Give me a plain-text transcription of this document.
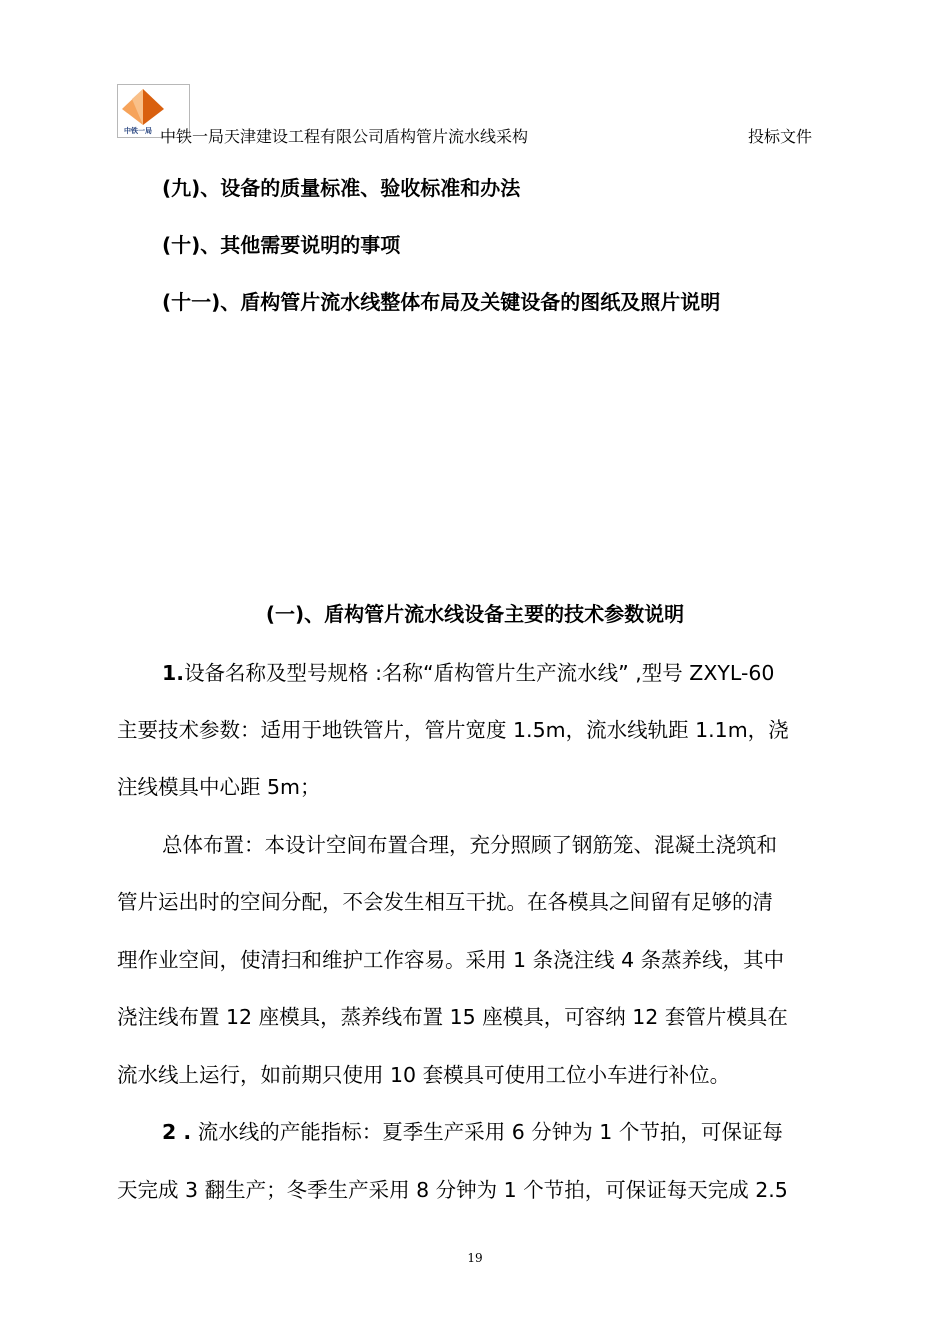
中铁一局 中铁一局天津建设工程有限公司盾构管片流水线采构	投标文件
(九)、设备的质量标准、验收标准和办法
(十)、其他需要说明的事项
(十一)、盾构管片流水线整体布局及关键设备的图纸及照片说明
(一)、盾构管片流水线设备主要的技术参数说明
1.设备名称及型号规格 :名称“盾构管片生产流水线” ,型号 ZXYL-60
主要技术参数：适用于地铁管片，管片宽度 1.5m，流水线轨距 1.1m，浇
注线模具中心距 5m；
总体布置：本设计空间布置合理，充分照顾了钢筋笼、混凝土浇筑和
管片运出时的空间分配，不会发生相互干扰。在各模具之间留有足够的清
理作业空间，使清扫和维护工作容易。采用 1 条浇注线 4 条蒸养线，其中
浇注线布置 12 座模具，蒸养线布置 15 座模具，可容纳 12 套管片模具在
流水线上运行，如前期只使用 10 套模具可使用工位小车进行补位。
2 . 流水线的产能指标：夏季生产采用 6 分钟为 1 个节拍，可保证每
天完成 3 翻生产；冬季生产采用 8 分钟为 1 个节拍，可保证每天完成 2.5
19
